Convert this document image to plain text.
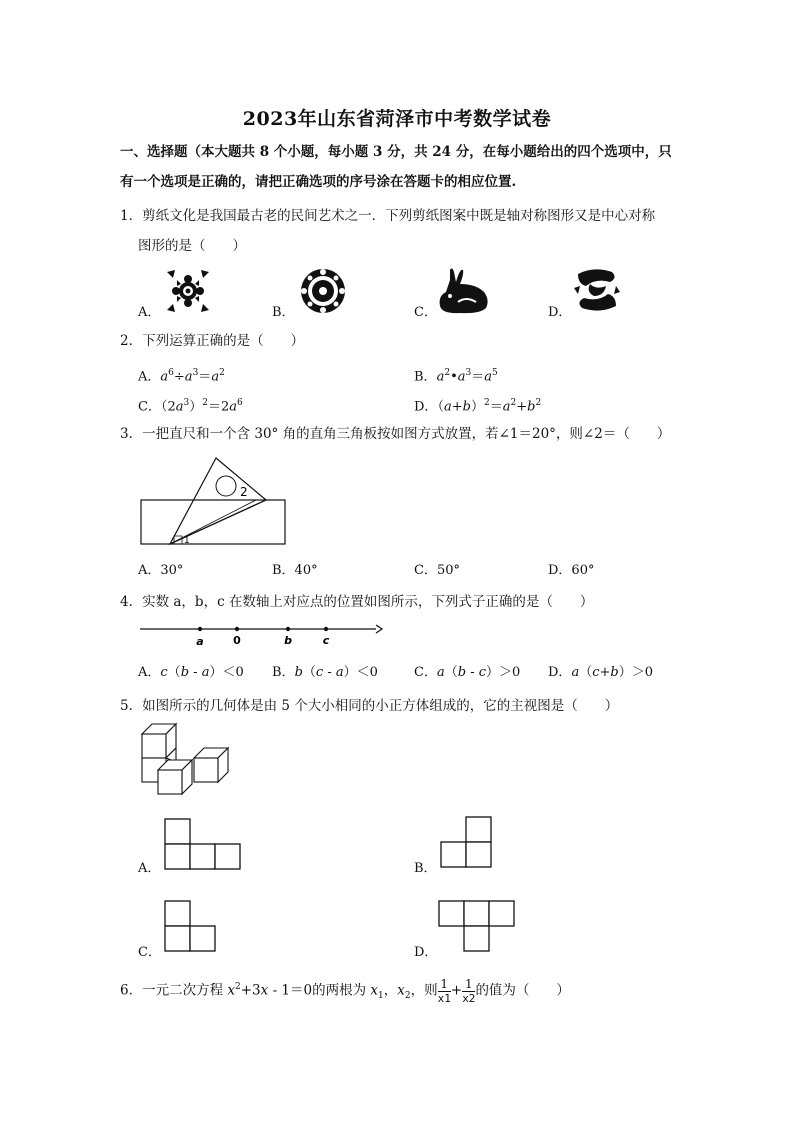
2023年山东省菏泽市中考数学试卷
一、选择题（本大题共 8 个小题，每小题 3 分，共 24 分，在每小题给出的四个选项中，只
有一个选项是正确的，请把正确选项的序号涂在答题卡的相应位置.
1．剪纸文化是我国最古老的民间艺术之一．下列剪纸图案中既是轴对称图形又是中心对称
图形的是（　　）
A．	B．	C．	D．
2．下列运算正确的是（　　）
A．$a^6\div a^3=a^2$	B．$a^2•a^3=a^5$
C．$(2a^3)^2=2a^6$	D．$(a+b)^2=a^2+b^2$
3．一把直尺和一个含 30° 角的直角三角板按如图方式放置，若∠1＝20°，则∠2＝（　　）
2
1
A．30°	B．40°	C．50°	D．60°
4．实数 a，b，c 在数轴上对应点的位置如图所示，下列式子正确的是（　　）
a	0	b	c
A．c（b - a）＜0 B．b（c - a）＜0	C．a（b - c）＞0 D．a（c+b）＞0
5．如图所示的几何体是由 5 个大小相同的小正方体组成的，它的主视图是（　　）
A．	B．
C．	D．
6．一元二次方程 $x^2+3x - 1=0$的两根为 $x_1$，$x_2$，则 $\frac{1}{x1} + \frac{1}{x2}$ 的值为（　　）
